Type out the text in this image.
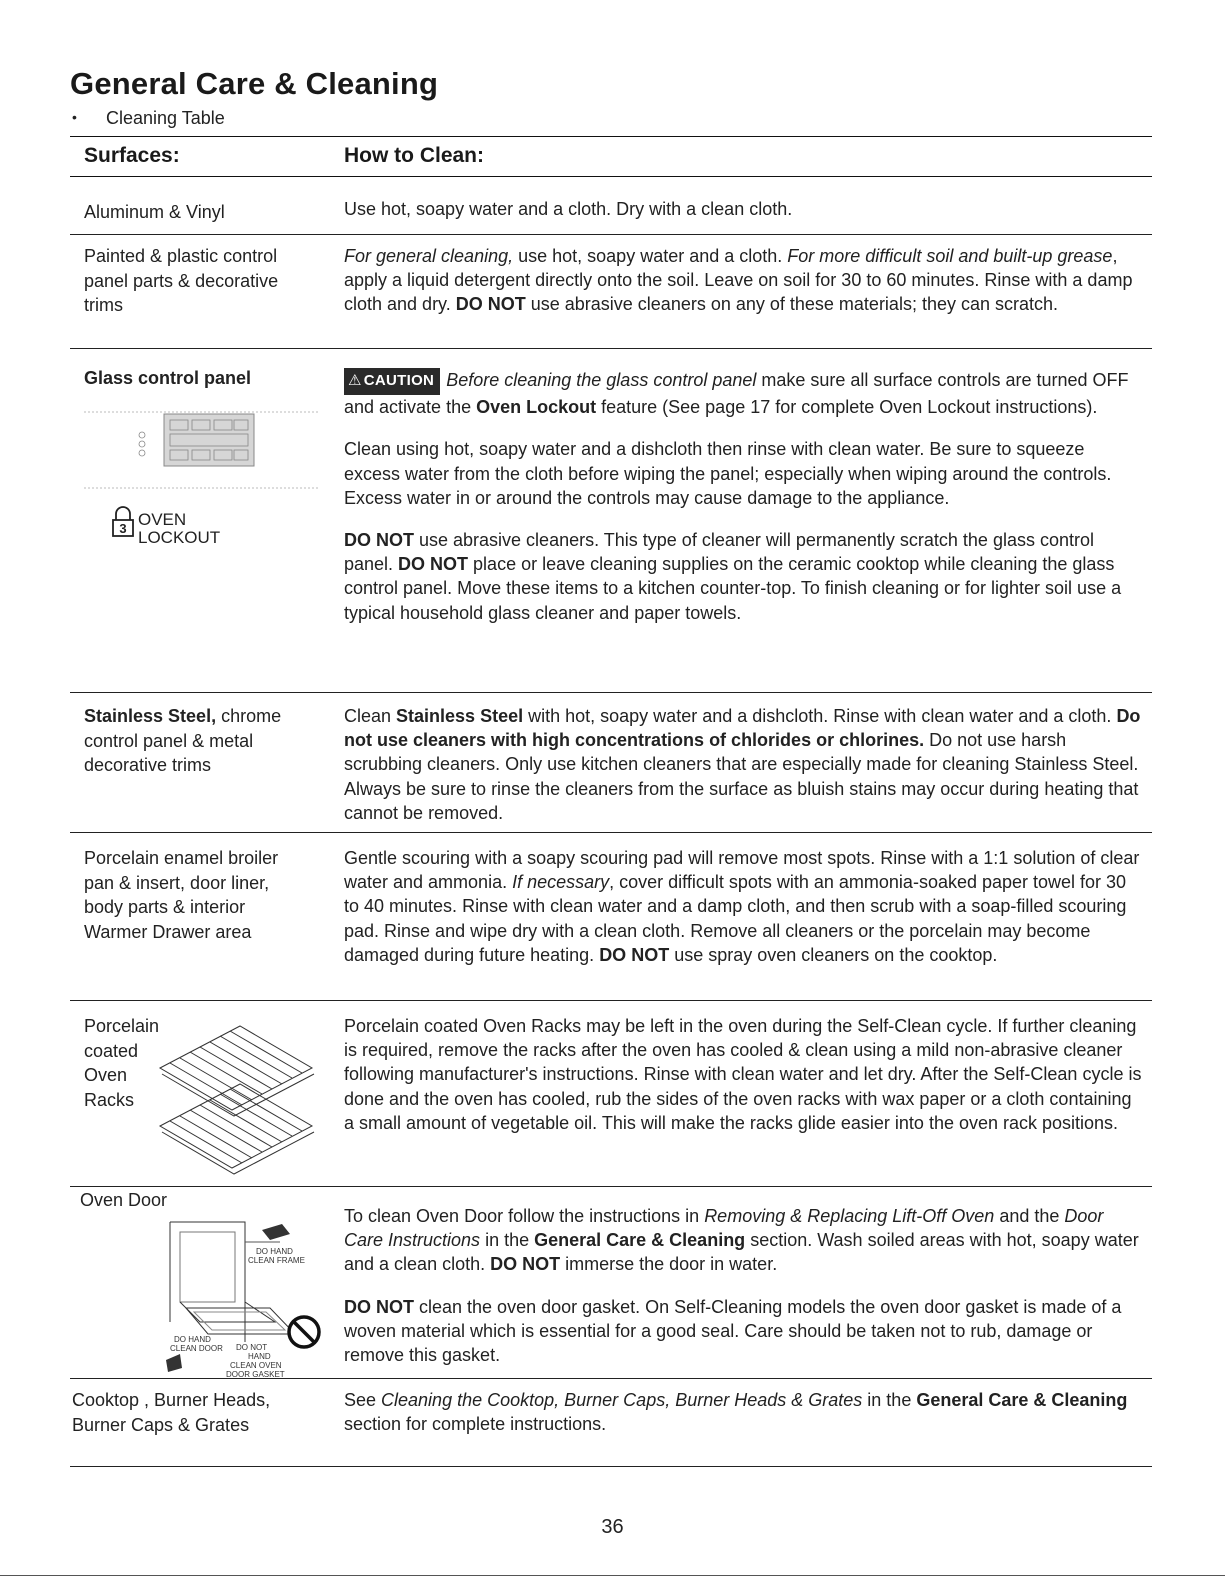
General Care & Cleaning
• Cleaning Table
Surfaces:	How to Clean:
Aluminum & Vinyl	Use hot, soapy water and a cloth. Dry with a clean cloth.
Painted & plastic control panel parts & decorative trims
For general cleaning, use hot, soapy water and a cloth. For more difficult soil and built-up grease, apply a liquid detergent directly onto the soil. Leave on soil for 30 to 60 minutes. Rinse with a damp cloth and dry. DO NOT use abrasive cleaners on any of these materials; they can scratch.
Glass control panel
3 OVEN
LOCKOUT

⚠ CAUTION Before cleaning the glass control panel make sure all surface controls are turned OFF and activate the Oven Lockout feature (See page 17 for complete Oven Lockout instructions).

Clean using hot, soapy water and a dishcloth then rinse with clean water. Be sure to squeeze excess water from the cloth before wiping the panel; especially when wiping around the controls. Excess water in or around the controls may cause damage to the appliance.

DO NOT use abrasive cleaners. This type of cleaner will permanently scratch the glass control panel. DO NOT place or leave cleaning supplies on the ceramic cooktop while cleaning the glass control panel. Move these items to a kitchen counter-top. To finish cleaning or for lighter soil use a typical household glass cleaner and paper towels.

Stainless Steel, chrome control panel & metal decorative trims
Clean Stainless Steel with hot, soapy water and a dishcloth. Rinse with clean water and a cloth. Do not use cleaners with high concentrations of chlorides or chlorines. Do not use harsh scrubbing cleaners. Only use kitchen cleaners that are especially made for cleaning Stainless Steel. Always be sure to rinse the cleaners from the surface as bluish stains may occur during heating that cannot be removed.
Porcelain enamel broiler pan & insert, door liner, body parts & interior Warmer Drawer area
Gentle scouring with a soapy scouring pad will remove most spots. Rinse with a 1:1 solution of clear water and ammonia. If necessary, cover difficult spots with an ammonia-soaked paper towel for 30 to 40 minutes. Rinse with clean water and a damp cloth, and then scrub with a soap-filled scouring pad. Rinse and wipe dry with a clean cloth. Remove all cleaners or the porcelain may become damaged during future heating. DO NOT use spray oven cleaners on the cooktop.
Porcelain
coated
Oven
Racks
Porcelain coated Oven Racks may be left in the oven during the Self-Clean cycle. If further cleaning is required, remove the racks after the oven has cooled & clean using a mild non-abrasive cleaner following manufacturer's instructions. Rinse with clean water and let dry. After the Self-Clean cycle is done and the oven has cooled, rub the sides of the oven racks with wax paper or a cloth containing a small amount of vegetable oil. This will make the racks glide easier into the oven rack positions.
Oven Door
DO HAND
CLEAN FRAME
DO HAND
CLEAN DOOR DO NOT
HAND
CLEAN OVEN
DOOR GASKET

To clean Oven Door follow the instructions in Removing & Replacing Lift-Off Oven and the Door Care Instructions in the General Care & Cleaning section. Wash soiled areas with hot, soapy water and a clean cloth. DO NOT immerse the door in water.

DO NOT clean the oven door gasket. On Self-Cleaning models the oven door gasket is made of a woven material which is essential for a good seal. Care should be taken not to rub, damage or remove this gasket.

Cooktop , Burner Heads, Burner Caps & Grates
See Cleaning the Cooktop, Burner Caps, Burner Heads & Grates in the General Care & Cleaning section for complete instructions.
36
